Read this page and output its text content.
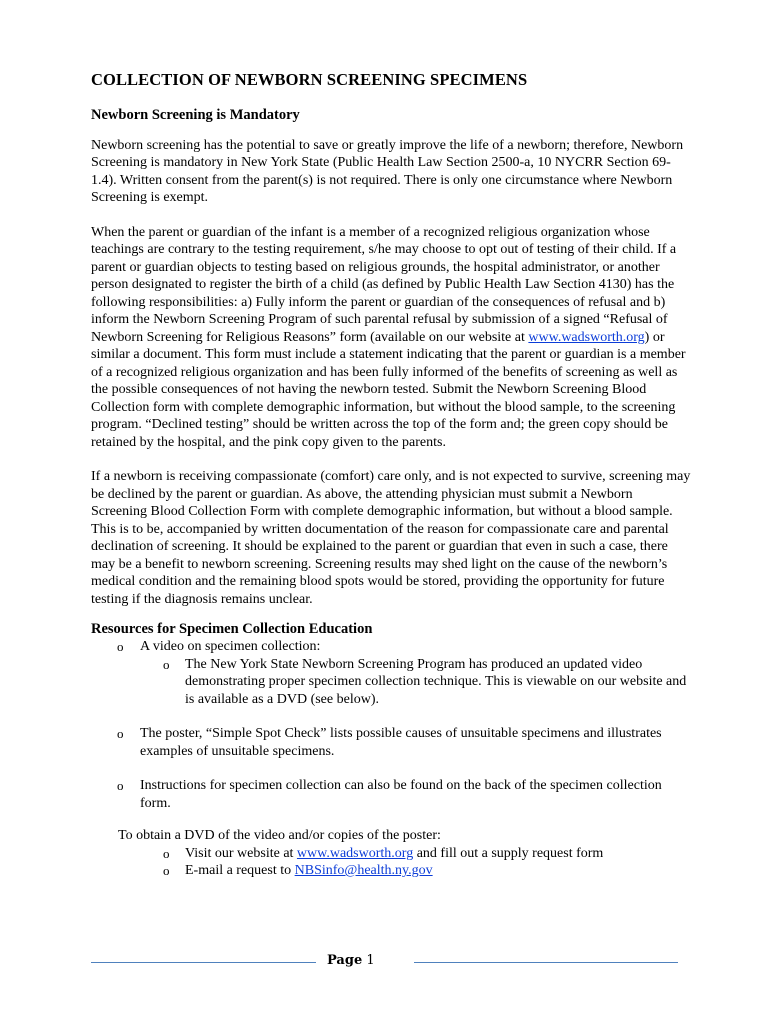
COLLECTION OF NEWBORN SCREENING SPECIMENS
Newborn Screening is Mandatory

Newborn screening has the potential to save or greatly improve the life of a newborn; therefore, Newborn Screening is mandatory in New York State (Public Health Law Section 2500-a, 10 NYCRR Section 69-1.4). Written consent from the parent(s) is not required. There is only one circumstance where Newborn Screening is exempt.

When the parent or guardian of the infant is a member of a recognized religious organization whose teachings are contrary to the testing requirement, s/he may choose to opt out of testing of their child. If a parent or guardian objects to testing based on religious grounds, the hospital administrator, or another person designated to register the birth of a child (as defined by Public Health Law Section 4130) has the following responsibilities: a) Fully inform the parent or guardian of the consequences of refusal and b) inform the Newborn Screening Program of such parental refusal by submission of a signed “Refusal of Newborn Screening for Religious Reasons” form (available on our website at www.wadsworth.org) or similar a document. This form must include a statement indicating that the parent or guardian is a member of a recognized religious organization and has been fully informed of the benefits of screening as well as the possible consequences of not having the newborn tested. Submit the Newborn Screening Blood Collection form with complete demographic information, but without the blood sample, to the screening program. “Declined testing” should be written across the top of the form and; the green copy should be retained by the hospital, and the pink copy given to the parents.

If a newborn is receiving compassionate (comfort) care only, and is not expected to survive, screening may be declined by the parent or guardian. As above, the attending physician must submit a Newborn Screening Blood Collection Form with complete demographic information, but without a blood sample. This is to be, accompanied by written documentation of the reason for compassionate care and parental declination of screening. It should be explained to the parent or guardian that even in such a case, there may be a benefit to newborn screening. Screening results may shed light on the cause of the newborn’s medical condition and the remaining blood spots would be stored, providing the opportunity for future testing if the diagnosis remains unclear.

Resources for Specimen Collection Education
o	A video on specimen collection:
o The New York State Newborn Screening Program has produced an updated video demonstrating proper specimen collection technique. This is viewable on our website and is available as a DVD (see below).
o	The poster, “Simple Spot Check” lists possible causes of unsuitable specimens and illustrates examples of unsuitable specimens.
o	Instructions for specimen collection can also be found on the back of the specimen collection form.

To obtain a DVD of the video and/or copies of the poster:

o Visit our website at www.wadsworth.org and fill out a supply request form
o E-mail a request to NBSinfo@health.ny.gov
Page 1
